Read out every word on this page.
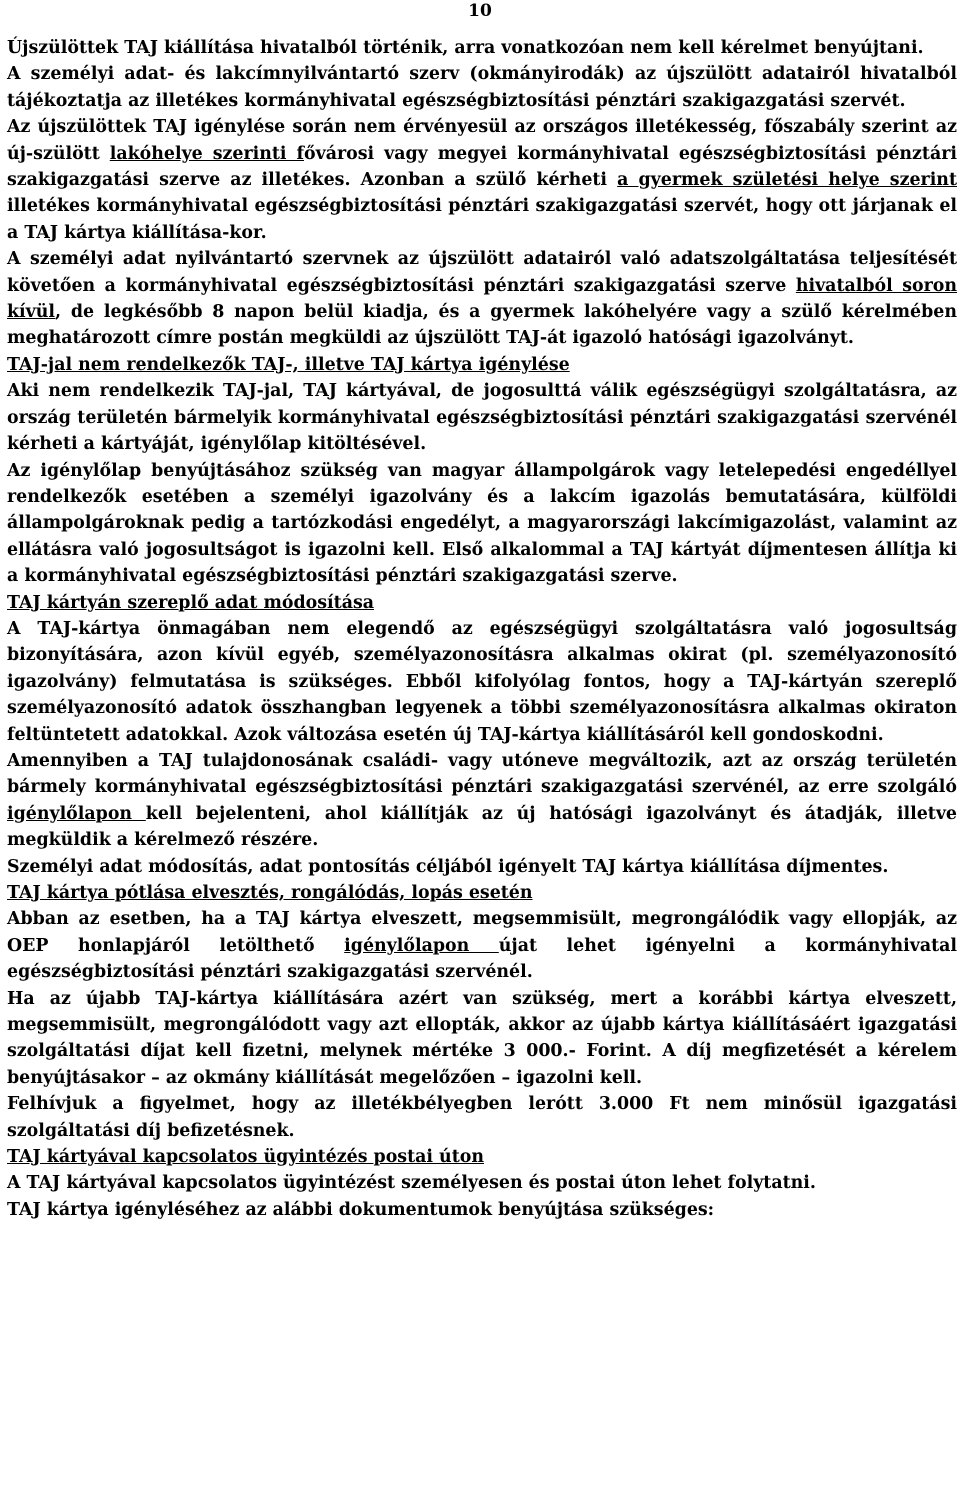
10

Újszülöttek TAJ kiállítása hivatalból történik, arra vonatkozóan nem kell kérelmet benyújtani.

A személyi adat- és lakcímnyilvántartó szerv (okmányirodák) az újszülött adatairól hivatalból tájékoztatja az illetékes kormányhivatal egészségbiztosítási pénztári szakigazgatási szervét.

Az újszülöttek TAJ igénylése során nem érvényesül az országos illetékesség, főszabály szerint az új-szülött lakóhelye szerinti fővárosi vagy megyei kormányhivatal egészségbiztosítási pénztári szakigazgatási szerve az illetékes. Azonban a szülő kérheti a gyermek születési helye szerint illetékes kormányhivatal egészségbiztosítási pénztári szakigazgatási szervét, hogy ott járjanak el a TAJ kártya kiállítása-kor.

A személyi adat nyilvántartó szervnek az újszülött adatairól való adatszolgáltatása teljesítését követően a kormányhivatal egészségbiztosítási pénztári szakigazgatási szerve hivatalból soron kívül, de legkésőbb 8 napon belül kiadja, és a gyermek lakóhelyére vagy a szülő kérelmében meghatározott címre postán megküldi az újszülött TAJ-át igazoló hatósági igazolványt.

TAJ-jal nem rendelkezők TAJ-, illetve TAJ kártya igénylése

Aki nem rendelkezik TAJ-jal, TAJ kártyával, de jogosulttá válik egészségügyi szolgáltatásra, az ország területén bármelyik kormányhivatal egészségbiztosítási pénztári szakigazgatási szervénél kérheti a kártyáját, igénylőlap kitöltésével.

Az igénylőlap benyújtásához szükség van magyar állampolgárok vagy letelepedési engedéllyel rendelkezők esetében a személyi igazolvány és a lakcím igazolás bemutatására, külföldi állampolgároknak pedig a tartózkodási engedélyt, a magyarországi lakcímigazolást, valamint az ellátásra való jogosultságot is igazolni kell. Első alkalommal a TAJ kártyát díjmentesen állítja ki a kormányhivatal egészségbiztosítási pénztári szakigazgatási szerve.

TAJ kártyán szereplő adat módosítása

A TAJ-kártya önmagában nem elegendő az egészségügyi szolgáltatásra való jogosultság bizonyítására, azon kívül egyéb, személyazonosításra alkalmas okirat (pl. személyazonosító igazolvány) felmutatása is szükséges. Ebből kifolyólag fontos, hogy a TAJ-kártyán szereplő személyazonosító adatok összhangban legyenek a többi személyazonosításra alkalmas okiraton feltüntetett adatokkal. Azok változása esetén új TAJ-kártya kiállításáról kell gondoskodni.

Amennyiben a TAJ tulajdonosának családi- vagy utóneve megváltozik, azt az ország területén bármely kormányhivatal egészségbiztosítási pénztári szakigazgatási szervénél, az erre szolgáló igénylőlapon kell bejelenteni, ahol kiállítják az új hatósági igazolványt és átadják, illetve megküldik a kérelmező részére.

Személyi adat módosítás, adat pontosítás céljából igényelt TAJ kártya kiállítása díjmentes.

TAJ kártya pótlása elvesztés, rongálódás, lopás esetén

Abban az esetben, ha a TAJ kártya elveszett, megsemmisült, megrongálódik vagy ellopják, az OEP honlapjáról letölthető igénylőlapon újat lehet igényelni a kormányhivatal egészségbiztosítási pénztári szakigazgatási szervénél.

Ha az újabb TAJ-kártya kiállítására azért van szükség, mert a korábbi kártya elveszett, megsemmisült, megrongálódott vagy azt ellopták, akkor az újabb kártya kiállításáért igazgatási szolgáltatási díjat kell fizetni, melynek mértéke 3 000.- Forint. A díj megfizetését a kérelem benyújtásakor – az okmány kiállítását megelőzően – igazolni kell.

Felhívjuk a figyelmet, hogy az illetékbélyegben lerótt 3.000 Ft nem minősül igazgatási szolgáltatási díj befizetésnek.

TAJ kártyával kapcsolatos ügyintézés postai úton

A TAJ kártyával kapcsolatos ügyintézést személyesen és postai úton lehet folytatni.

TAJ kártya igényléséhez az alábbi dokumentumok benyújtása szükséges:
